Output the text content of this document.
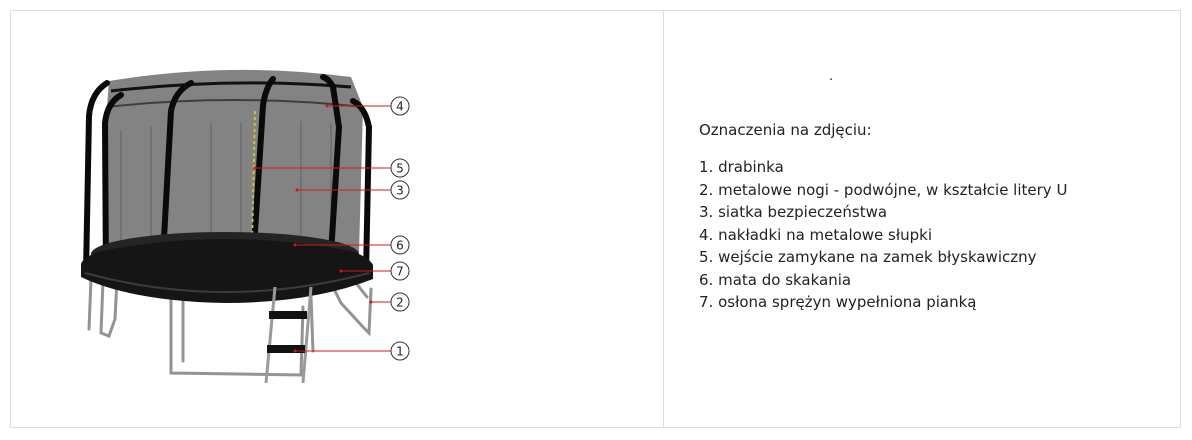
4
5
3
6
7
2
1
.
Oznaczenia na zdjęciu:
1. drabinka
2. metalowe nogi - podwójne, w kształcie litery U
3. siatka bezpieczeństwa
4. nakładki na metalowe słupki
5. wejście zamykane na zamek błyskawiczny
6. mata do skakania
7. osłona sprężyn wypełniona pianką
